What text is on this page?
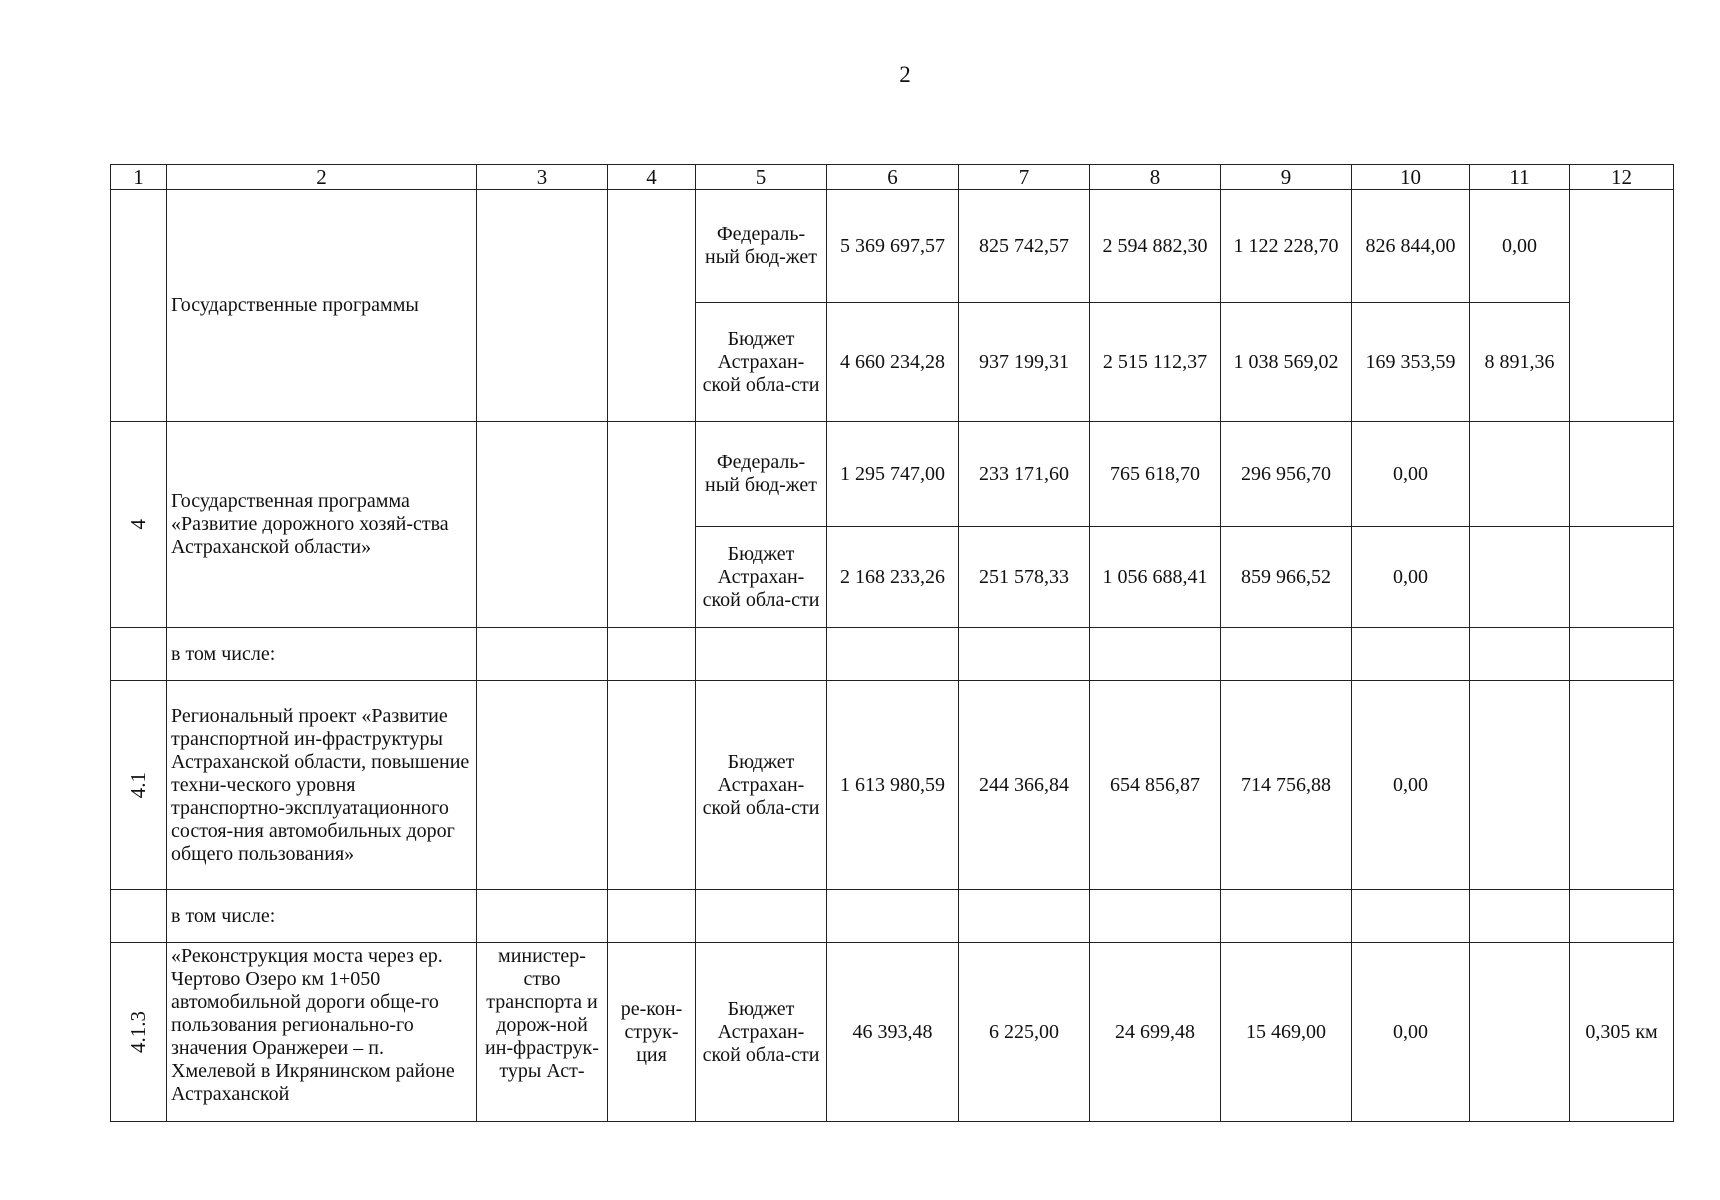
2
1	2	3	4	5	6	7	8	9	10	11	12
	Государственные программы			Федераль-ный бюд-жет	5 369 697,57	825 742,57	2 594 882,30	1 122 228,70	826 844,00	0,00	
				Бюджет Астрахан-ской обла-сти	4 660 234,28	937 199,31	2 515 112,37	1 038 569,02	169 353,59	8 891,36	

4	Государственная программа «Развитие дорожного хозяй-ства Астраханской области»			Федераль-ный бюд-жет	1 295 747,00	233 171,60	765 618,70	296 956,70	0,00		
				Бюджет Астрахан-ской обла-сти	2 168 233,26	251 578,33	1 056 688,41	859 966,52	0,00		
	в том числе:										

4.1	Региональный проект «Развитие транспортной ин-фраструктуры Астраханской области, повышение техни-ческого уровня транспортно-эксплуатационного состоя-ния автомобильных дорог общего пользования»			Бюджет Астрахан-ской обла-сти	1 613 980,59	244 366,84	654 856,87	714 756,88	0,00		
	в том числе:										

4.1.3	«Реконструкция моста через ер. Чертово Озеро км 1+050 автомобильной дороги обще-го пользования регионально-го значения Оранжереи – п. Хмелевой в Икрянинском районе Астраханской	министер-ство транспорта и дорож-ной ин-фраструк-туры Аст-	ре-кон-струк-ция	Бюджет Астрахан-ской обла-сти	46 393,48	6 225,00	24 699,48	15 469,00	0,00		0,305 км
